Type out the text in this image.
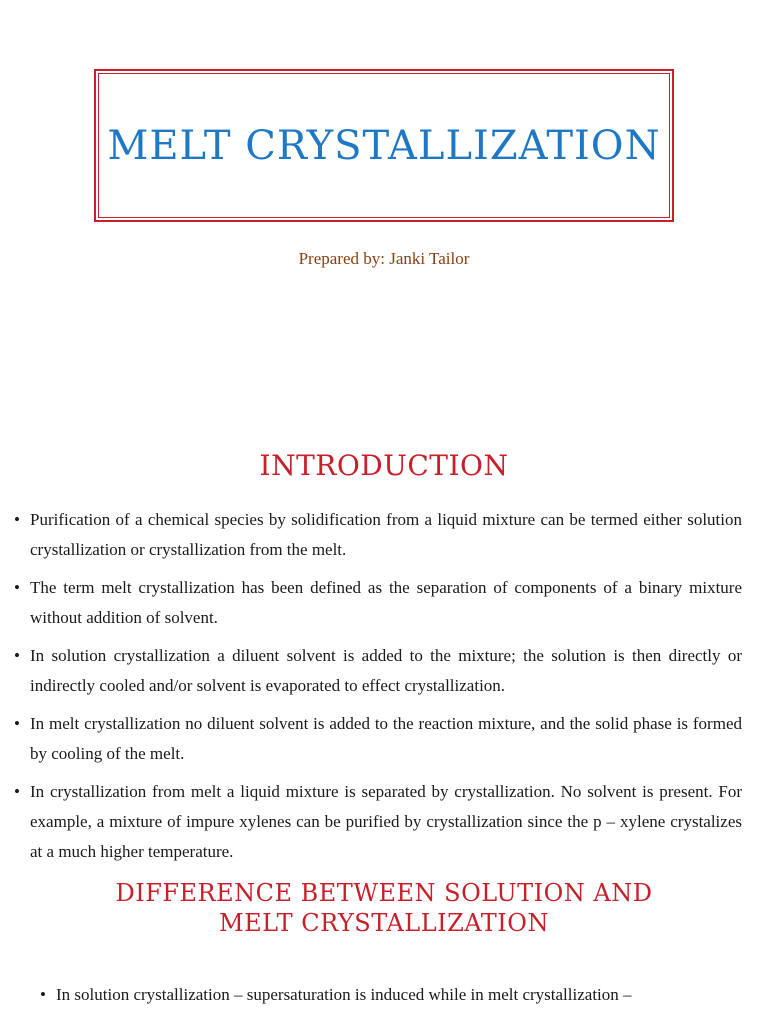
MELT CRYSTALLIZATION
Prepared by: Janki Tailor
INTRODUCTION
• Purification of a chemical species by solidification from a liquid mixture can be termed either solution crystallization or crystallization from the melt.
• The term melt crystallization has been defined as the separation of components of a binary mixture without addition of solvent.
• In solution crystallization a diluent solvent is added to the mixture; the solution is then directly or indirectly cooled and/or solvent is evaporated to effect crystallization.
• In melt crystallization no diluent solvent is added to the reaction mixture, and the solid phase is formed by cooling of the melt.
• In crystallization from melt a liquid mixture is separated by crystallization. No solvent is present. For example, a mixture of impure xylenes can be purified by crystallization since the p – xylene crystalizes at a much higher temperature.
DIFFERENCE BETWEEN SOLUTION AND MELT CRYSTALLIZATION
• In solution crystallization – supersaturation is induced while in melt crystallization –
